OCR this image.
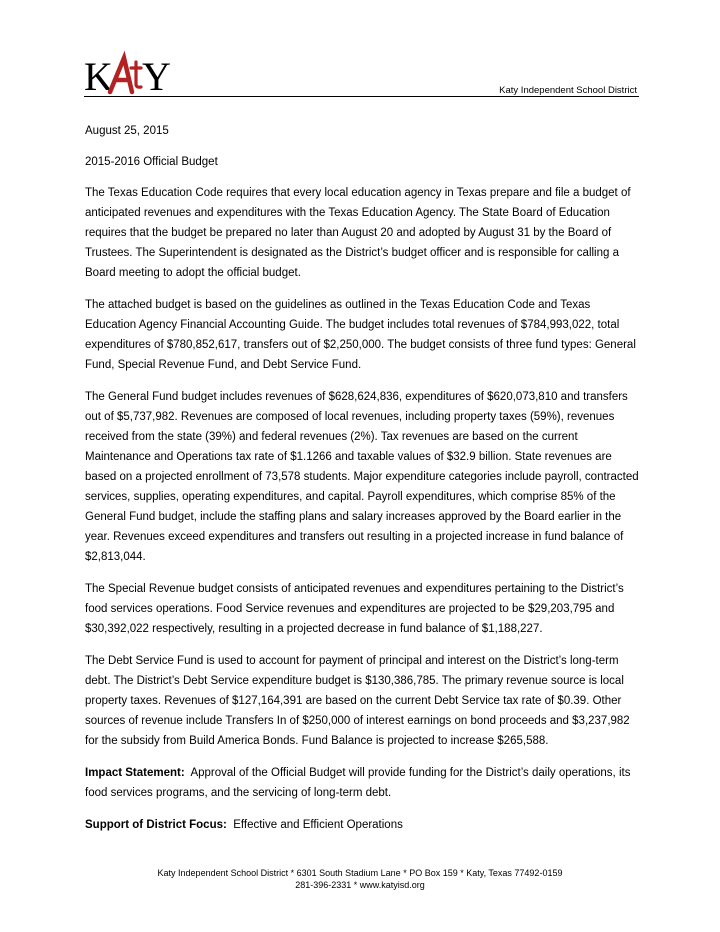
K Y	Katy Independent School District

August 25, 2015

2015-2016 Official Budget

The Texas Education Code requires that every local education agency in Texas prepare and file a budget of anticipated revenues and expenditures with the Texas Education Agency. The State Board of Education requires that the budget be prepared no later than August 20 and adopted by August 31 by the Board of Trustees. The Superintendent is designated as the District’s budget officer and is responsible for calling a Board meeting to adopt the official budget.

The attached budget is based on the guidelines as outlined in the Texas Education Code and Texas Education Agency Financial Accounting Guide. The budget includes total revenues of $784,993,022, total expenditures of $780,852,617, transfers out of $2,250,000. The budget consists of three fund types: General Fund, Special Revenue Fund, and Debt Service Fund.

The General Fund budget includes revenues of $628,624,836, expenditures of $620,073,810 and transfers out of $5,737,982. Revenues are composed of local revenues, including property taxes (59%), revenues received from the state (39%) and federal revenues (2%). Tax revenues are based on the current Maintenance and Operations tax rate of $1.1266 and taxable values of $32.9 billion. State revenues are based on a projected enrollment of 73,578 students. Major expenditure categories include payroll, contracted services, supplies, operating expenditures, and capital. Payroll expenditures, which comprise 85% of the General Fund budget, include the staffing plans and salary increases approved by the Board earlier in the year. Revenues exceed expenditures and transfers out resulting in a projected increase in fund balance of $2,813,044.

The Special Revenue budget consists of anticipated revenues and expenditures pertaining to the District’s food services operations. Food Service revenues and expenditures are projected to be $29,203,795 and $30,392,022 respectively, resulting in a projected decrease in fund balance of $1,188,227.

The Debt Service Fund is used to account for payment of principal and interest on the District’s long-term debt. The District’s Debt Service expenditure budget is $130,386,785. The primary revenue source is local property taxes. Revenues of $127,164,391 are based on the current Debt Service tax rate of $0.39. Other sources of revenue include Transfers In of $250,000 of interest earnings on bond proceeds and $3,237,982 for the subsidy from Build America Bonds. Fund Balance is projected to increase $265,588.

Impact Statement: Approval of the Official Budget will provide funding for the District’s daily operations, its food services programs, and the servicing of long-term debt.

Support of District Focus: Effective and Efficient Operations

Katy Independent School District * 6301 South Stadium Lane * PO Box 159 * Katy, Texas 77492-0159
281-396-2331 * www.katyisd.org
